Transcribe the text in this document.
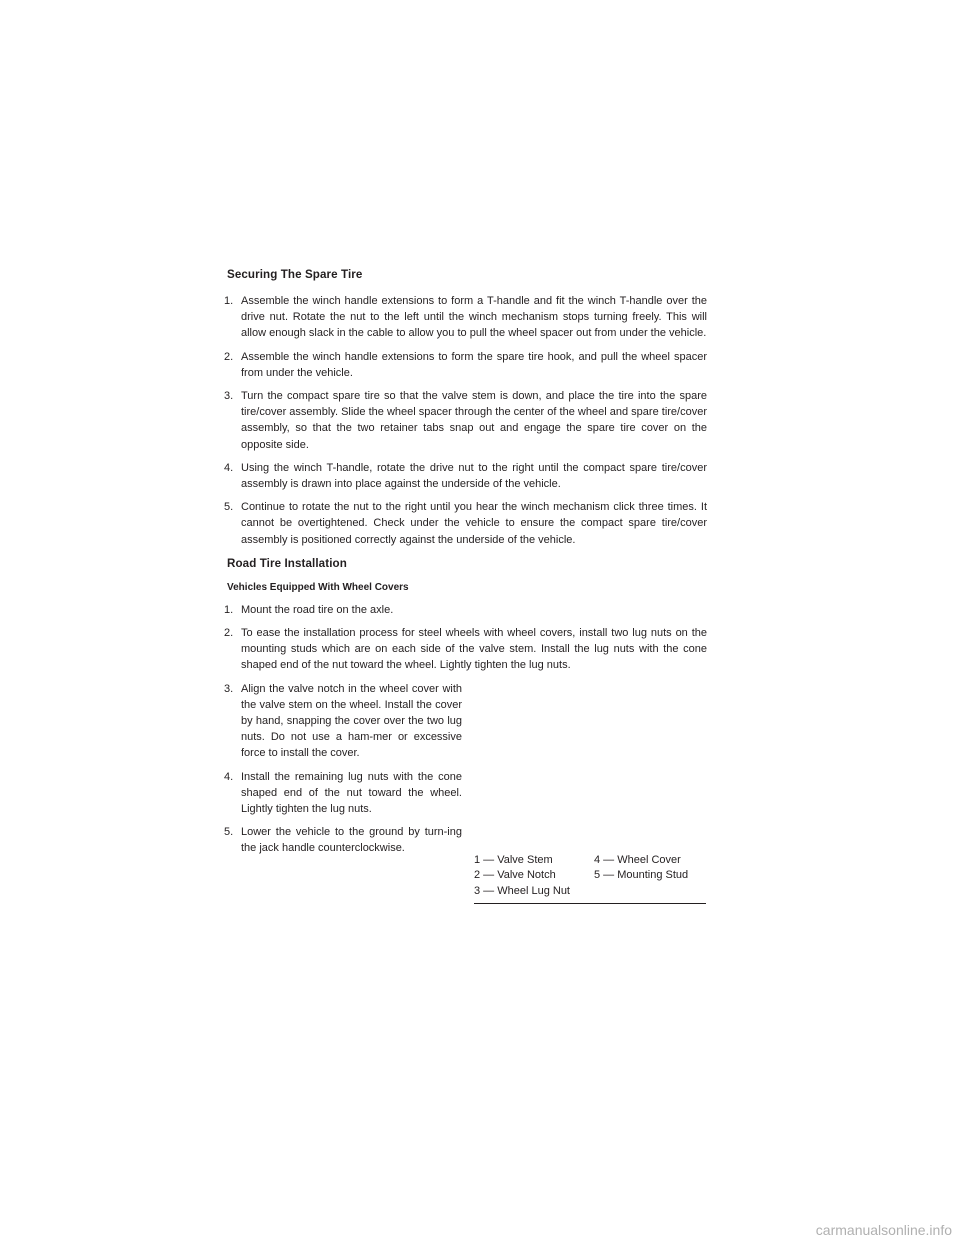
Securing The Spare Tire
1. Assemble the winch handle extensions to form a T-handle and fit the winch T-handle over the drive nut. Rotate the nut to the left until the winch mechanism stops turning freely. This will allow enough slack in the cable to allow you to pull the wheel spacer out from under the vehicle.
2. Assemble the winch handle extensions to form the spare tire hook, and pull the wheel spacer from under the vehicle.
3. Turn the compact spare tire so that the valve stem is down, and place the tire into the spare tire/cover assembly. Slide the wheel spacer through the center of the wheel and spare tire/cover assembly, so that the two retainer tabs snap out and engage the spare tire cover on the opposite side.
4. Using the winch T-handle, rotate the drive nut to the right until the compact spare tire/cover assembly is drawn into place against the underside of the vehicle.
5. Continue to rotate the nut to the right until you hear the winch mechanism click three times. It cannot be overtightened. Check under the vehicle to ensure the compact spare tire/cover assembly is positioned correctly against the underside of the vehicle.
Road Tire Installation
Vehicles Equipped With Wheel Covers
1. Mount the road tire on the axle.
2. To ease the installation process for steel wheels with wheel covers, install two lug nuts on the mounting studs which are on each side of the valve stem. Install the lug nuts with the cone shaped end of the nut toward the wheel. Lightly tighten the lug nuts.
3. Align the valve notch in the wheel cover with the valve stem on the wheel. Install the cover by hand, snapping the cover over the two lug nuts. Do not use a ham-mer or excessive force to install the cover.
4. Install the remaining lug nuts with the cone shaped end of the nut toward the wheel. Lightly tighten the lug nuts.
5. Lower the vehicle to the ground by turn-ing the jack handle counterclockwise.
1 — Valve Stem	4 — Wheel Cover
2 — Valve Notch	5 — Mounting Stud
3 — Wheel Lug Nut
carmanualsonline.info
